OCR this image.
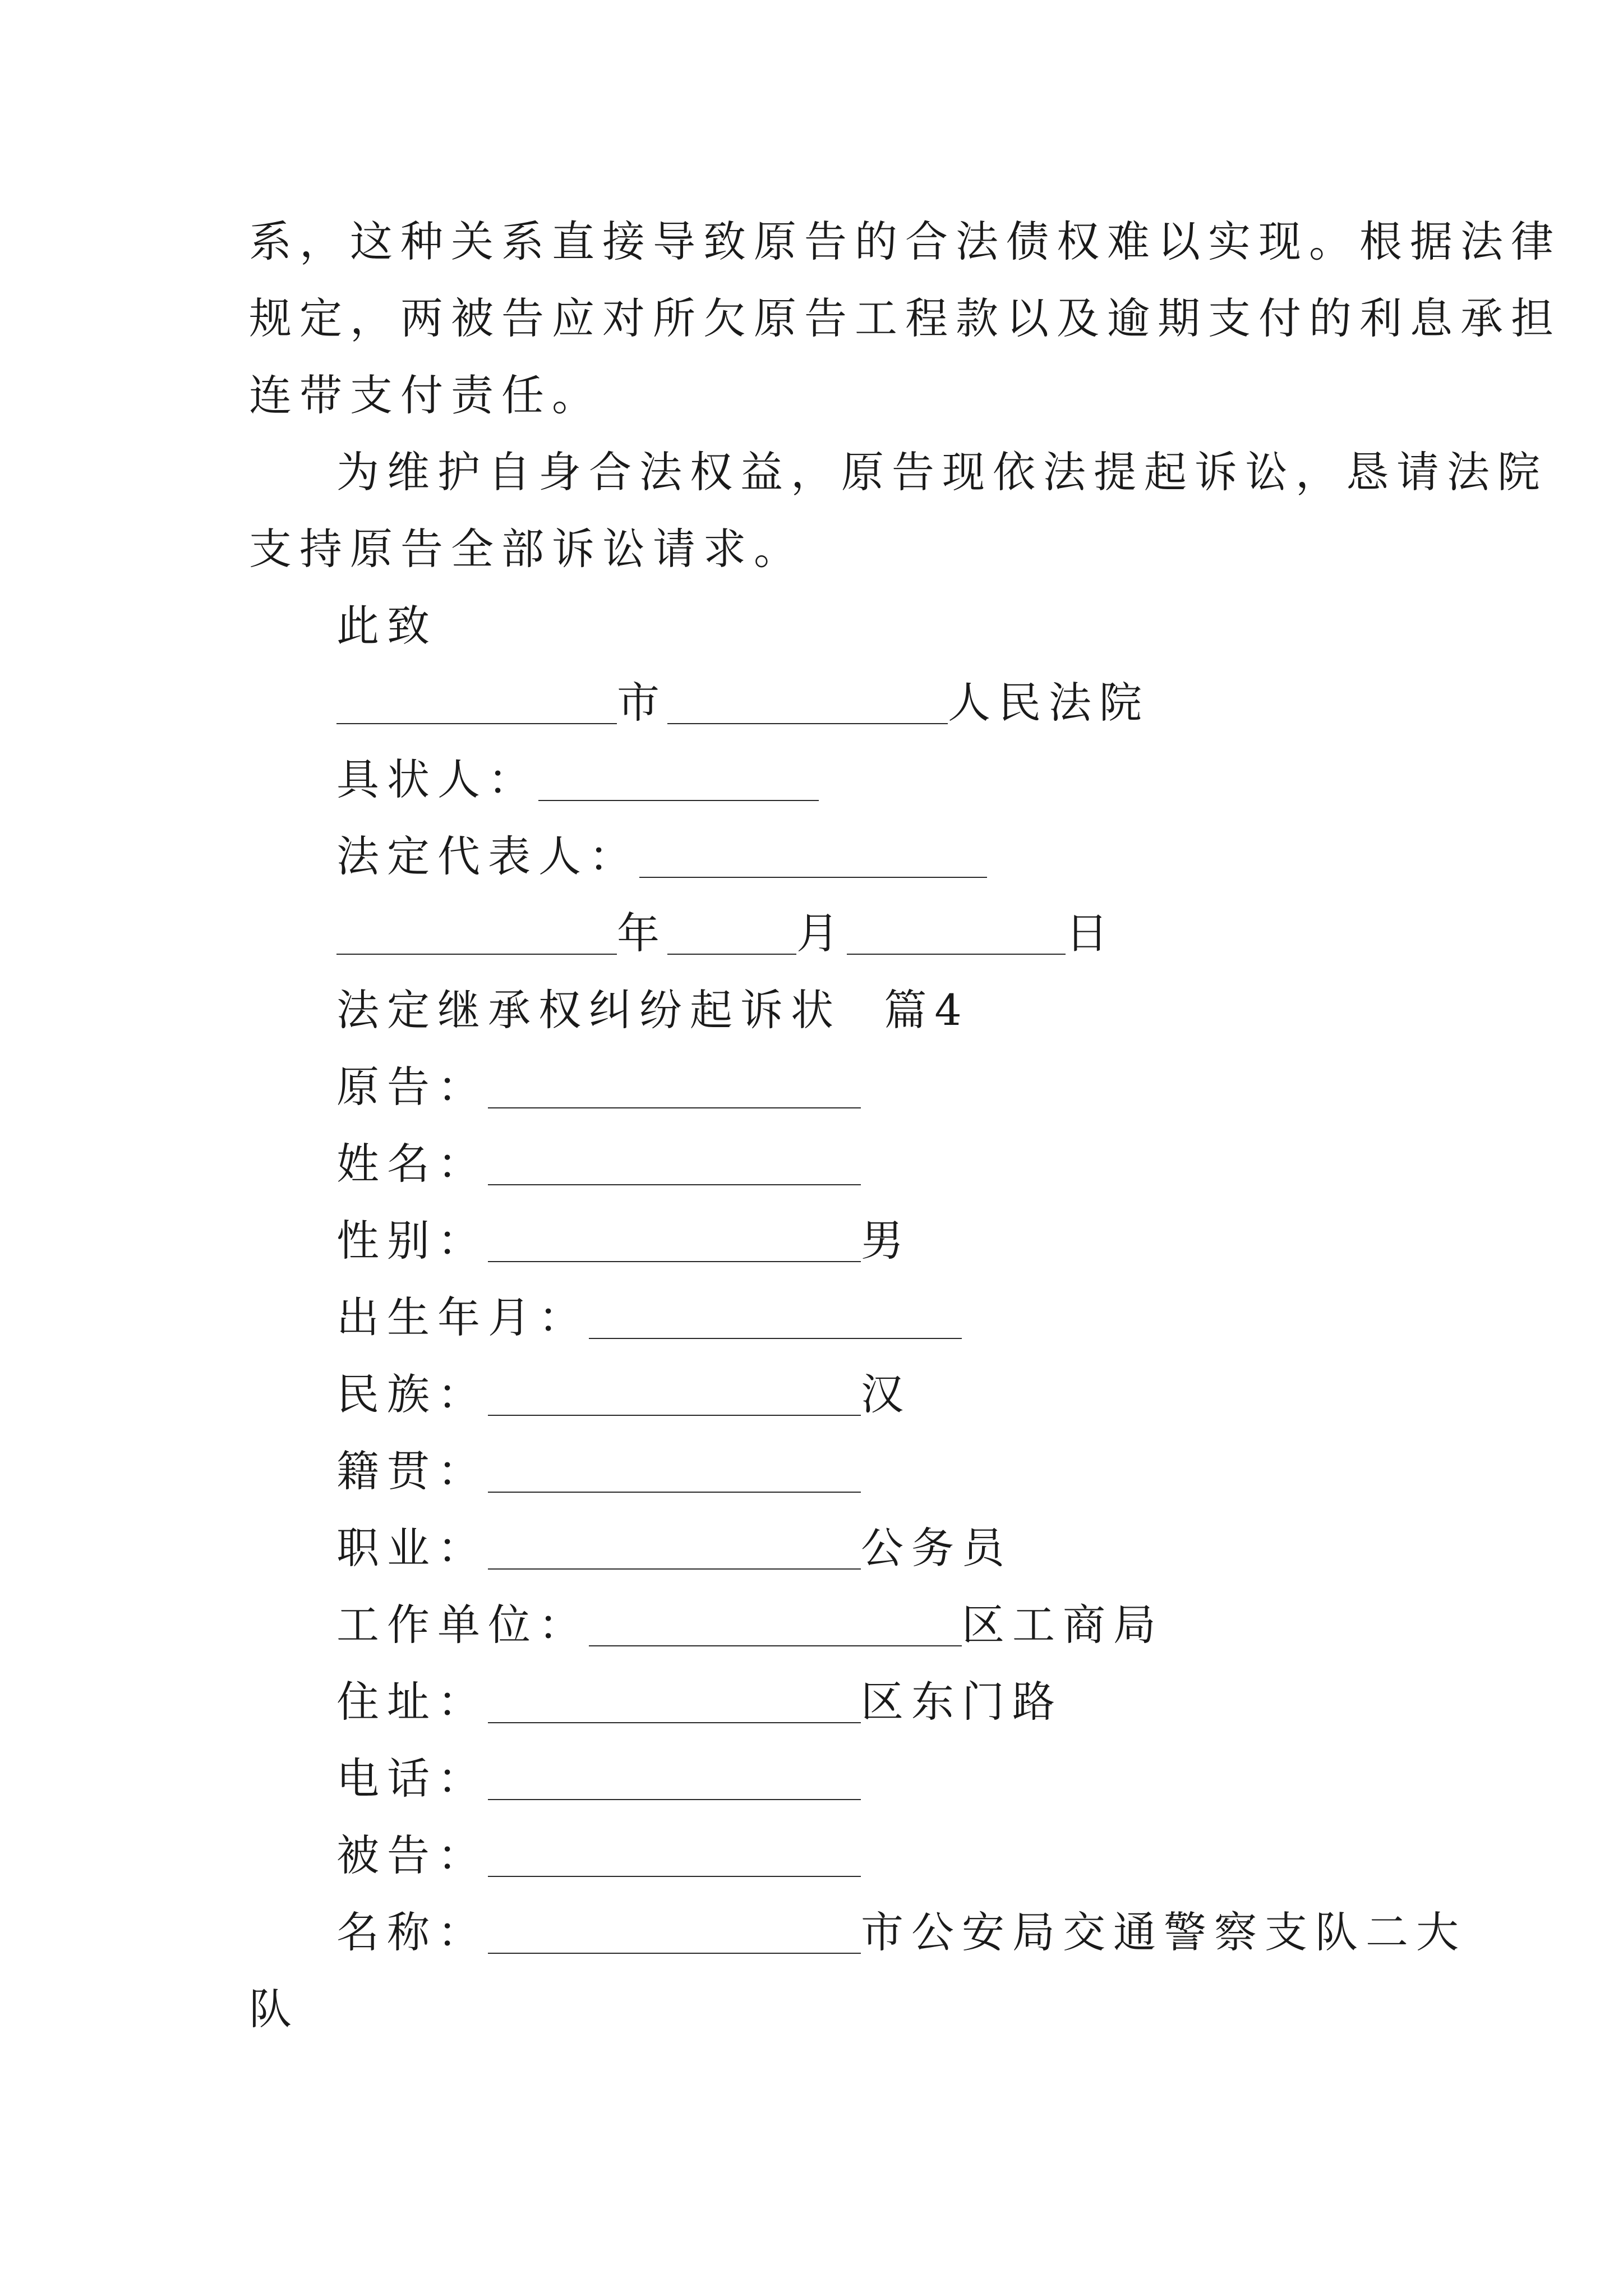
系，这种关系直接导致原告的合法债权难以实现。根据法律
规定，两被告应对所欠原告工程款以及逾期支付的利息承担
连带支付责任。
为维护自身合法权益，原告现依法提起诉讼，恳请法院
支持原告全部诉讼请求。
此致
市	人民法院
具状人：
法定代表人：
年	月	日
法定继承权纠纷起诉状  篇4
原告：
姓名：
性别：	男
出生年月：
民族：	汉
籍贯：
职业：	公务员
工作单位：	区工商局
住址：	区东门路
电话：
被告：
名称：	市公安局交通警察支队二大
队
